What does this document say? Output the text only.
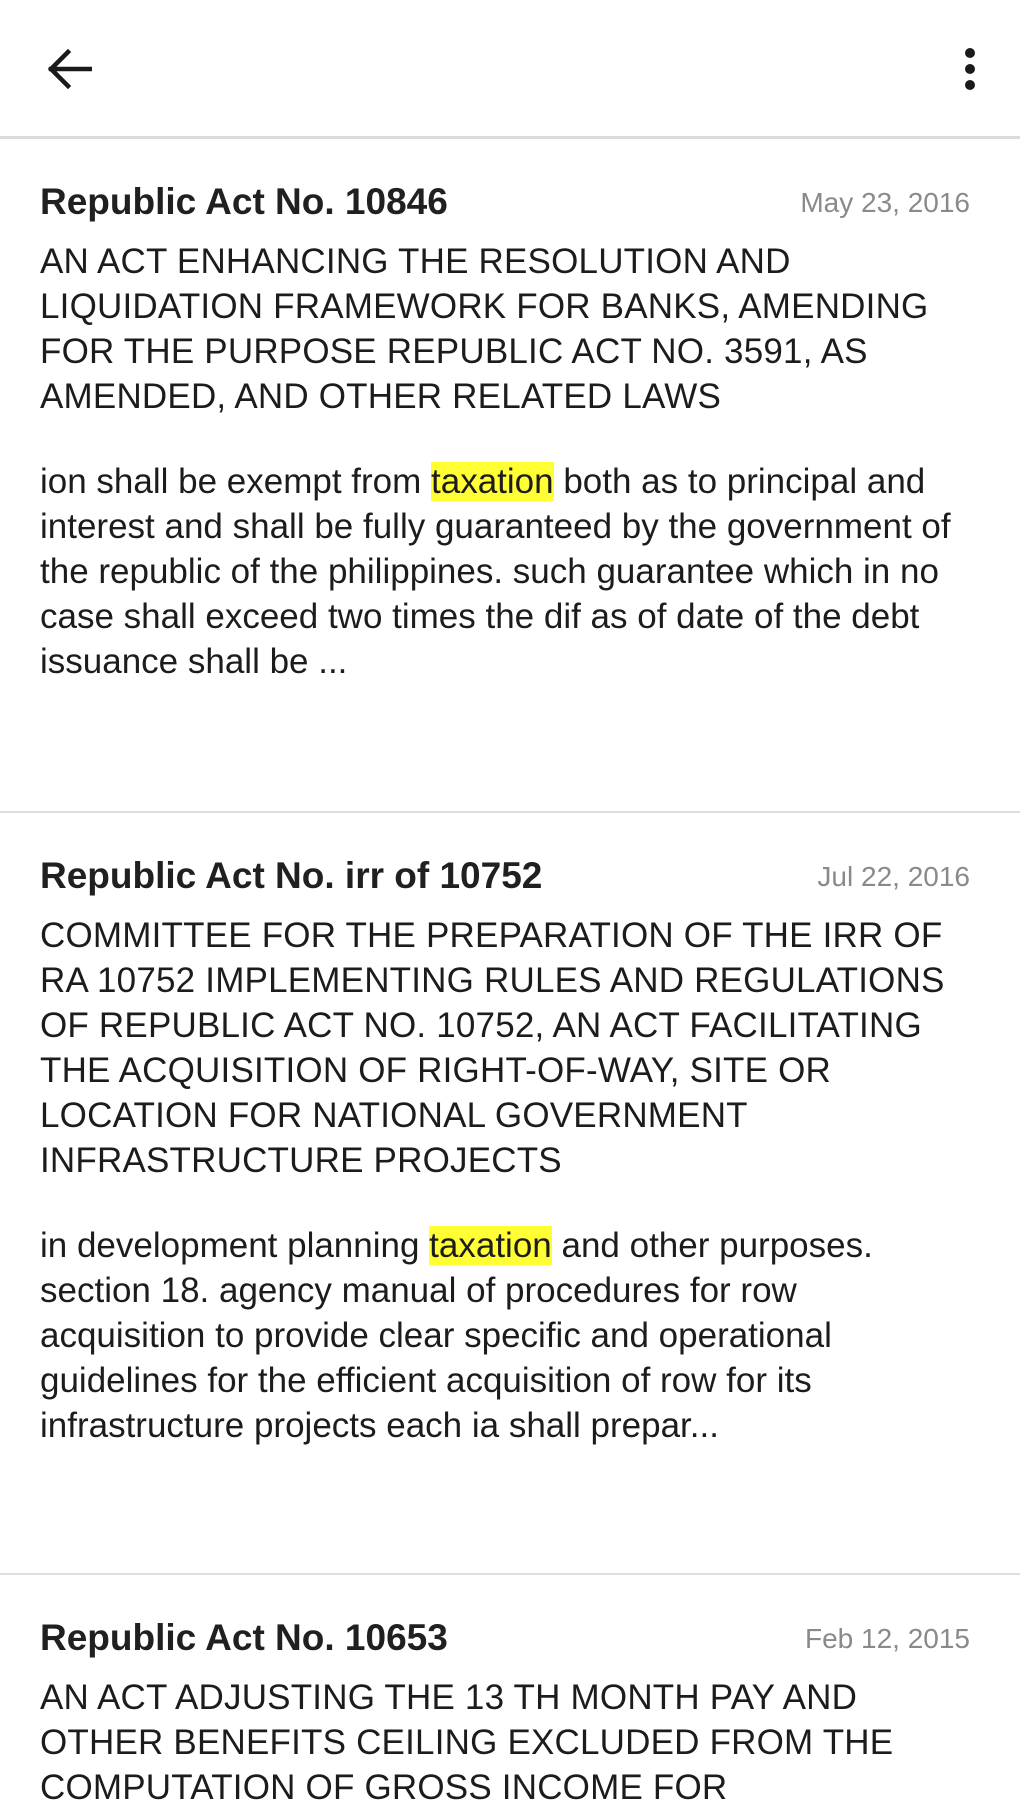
Republic Act No. 10846	May 23, 2016
AN ACT ENHANCING THE RESOLUTION AND LIQUIDATION FRAMEWORK FOR BANKS, AMENDING FOR THE PURPOSE REPUBLIC ACT NO. 3591, AS AMENDED, AND OTHER RELATED LAWS
ion shall be exempt from taxation both as to principal and interest and shall be fully guaranteed by the government of the republic of the philippines. such guarantee which in no case shall exceed two times the dif as of date of the debt issuance shall be ...
Republic Act No. irr of 10752	Jul 22, 2016
COMMITTEE FOR THE PREPARATION OF THE IRR OF RA 10752 IMPLEMENTING RULES AND REGULATIONS OF REPUBLIC ACT NO. 10752, AN ACT FACILITATING THE ACQUISITION OF RIGHT-OF-WAY, SITE OR LOCATION FOR NATIONAL GOVERNMENT INFRASTRUCTURE PROJECTS
in development planning taxation and other purposes. section 18. agency manual of procedures for row acquisition to provide clear specific and operational guidelines for the efficient acquisition of row for its infrastructure projects each ia shall prepar...
Republic Act No. 10653	Feb 12, 2015
AN ACT ADJUSTING THE 13 TH MONTH PAY AND OTHER BENEFITS CEILING EXCLUDED FROM THE COMPUTATION OF GROSS INCOME FOR
